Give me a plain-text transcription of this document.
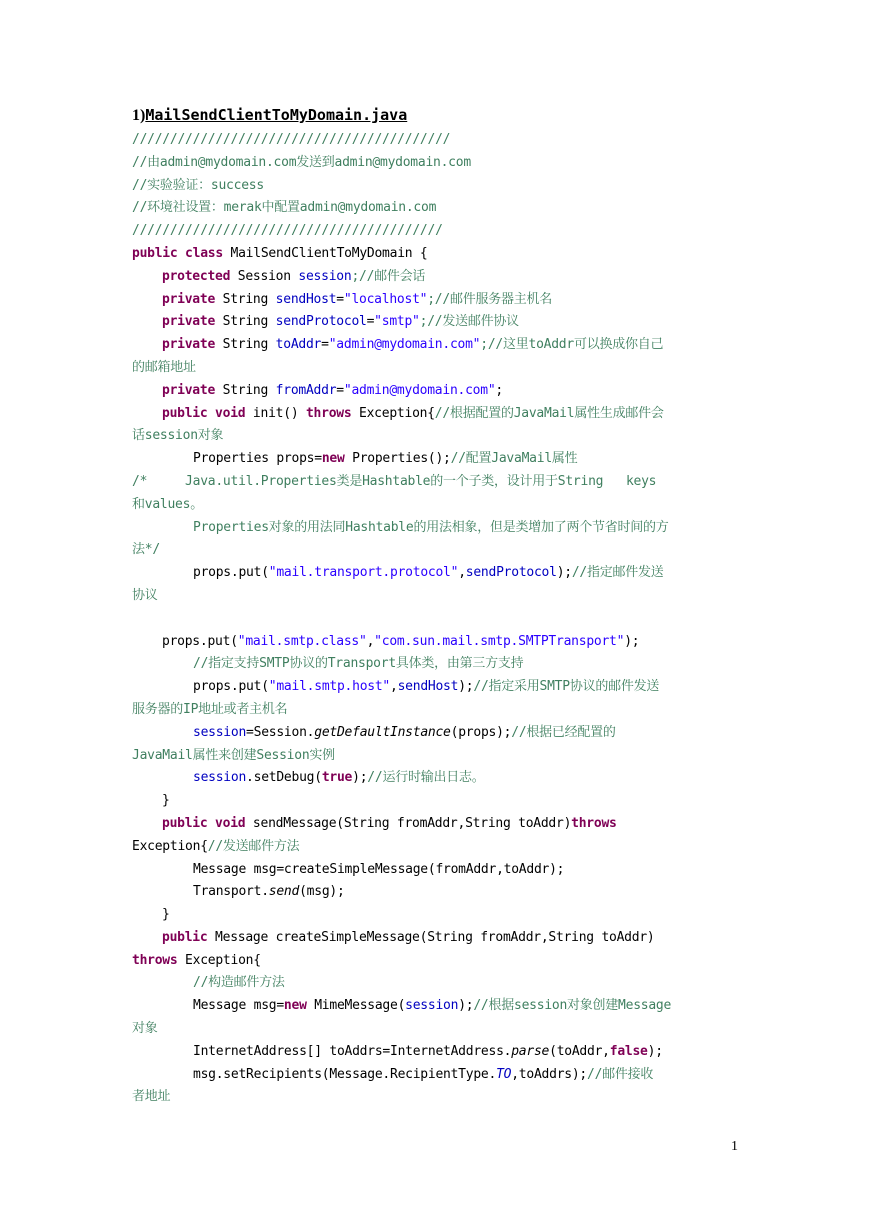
1)MailSendClientToMyDomain.java
//////////////////////////////////////////
//由admin@mydomain.com发送到admin@mydomain.com
//实验验证：success
//环境社设置：merak中配置admin@mydomain.com
/////////////////////////////////////////
public class MailSendClientToMyDomain {
protected Session session;//邮件会话
private String sendHost="localhost";//邮件服务器主机名
private String sendProtocol="smtp";//发送邮件协议
private String toAddr="admin@mydomain.com";//这里toAddr可以换成你自己
的邮箱地址
private String fromAddr="admin@mydomain.com";
public void init() throws Exception{//根据配置的JavaMail属性生成邮件会
话session对象
Properties props=new Properties();//配置JavaMail属性
/*     Java.util.Properties类是Hashtable的一个子类，设计用于String   keys
和values。
Properties对象的用法同Hashtable的用法相象，但是类增加了两个节省时间的方
法*/
props.put("mail.transport.protocol",sendProtocol);//指定邮件发送
协议
props.put("mail.smtp.class","com.sun.mail.smtp.SMTPTransport");
//指定支持SMTP协议的Transport具体类，由第三方支持
props.put("mail.smtp.host",sendHost);//指定采用SMTP协议的邮件发送
服务器的IP地址或者主机名
session=Session.getDefaultInstance(props);//根据已经配置的
JavaMail属性来创建Session实例
session.setDebug(true);//运行时输出日志。
}
public void sendMessage(String fromAddr,String toAddr)throws
Exception{//发送邮件方法
Message msg=createSimpleMessage(fromAddr,toAddr);
Transport.send(msg);
}
public Message createSimpleMessage(String fromAddr,String toAddr)
throws Exception{
//构造邮件方法
Message msg=new MimeMessage(session);//根据session对象创建Message
对象
InternetAddress[] toAddrs=InternetAddress.parse(toAddr,false);
msg.setRecipients(Message.RecipientType.TO,toAddrs);//邮件接收
者地址
1
